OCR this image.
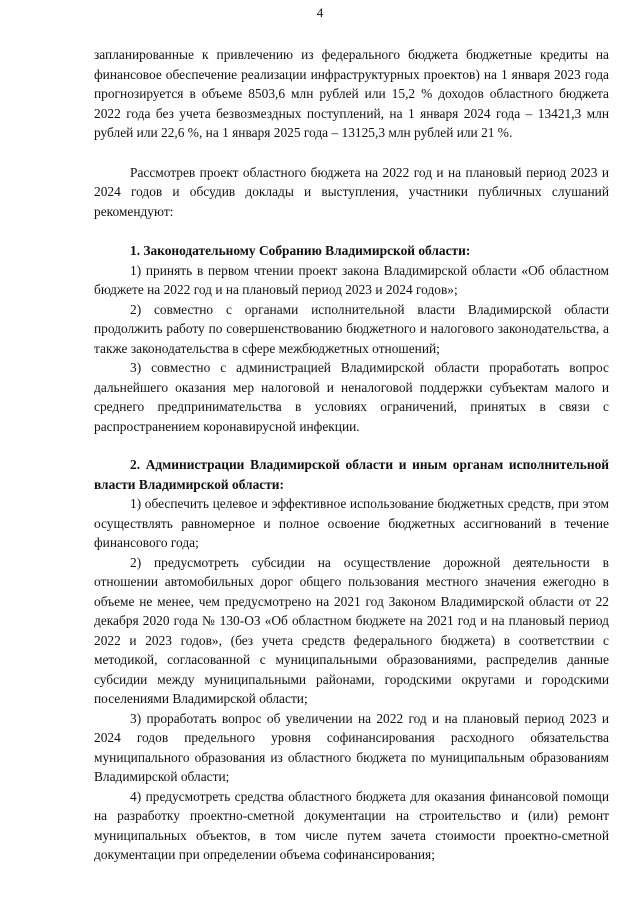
4

запланированные к привлечению из федерального бюджета бюджетные кредиты на финансовое обеспечение реализации инфраструктурных проектов) на 1 января 2023 года прогнозируется в объеме 8503,6 млн рублей или 15,2 % доходов областного бюджета 2022 года без учета безвозмездных поступлений, на 1 января 2024 года – 13421,3 млн рублей или 22,6 %, на 1 января 2025 года – 13125,3 млн рублей или 21 %.

Рассмотрев проект областного бюджета на 2022 год и на плановый период 2023 и 2024 годов и обсудив доклады и выступления, участники публичных слушаний рекомендуют:

1. Законодательному Собранию Владимирской области:

1) принять в первом чтении проект закона Владимирской области «Об областном бюджете на 2022 год и на плановый период 2023 и 2024 годов»;

2) совместно с органами исполнительной власти Владимирской области продолжить работу по совершенствованию бюджетного и налогового законодательства, а также законодательства в сфере межбюджетных отношений;

3) совместно с администрацией Владимирской области проработать вопрос дальнейшего оказания мер налоговой и неналоговой поддержки субъектам малого и среднего предпринимательства в условиях ограничений, принятых в связи с распространением коронавирусной инфекции.

2. Администрации Владимирской области и иным органам исполнительной власти Владимирской области:

1) обеспечить целевое и эффективное использование бюджетных средств, при этом осуществлять равномерное и полное освоение бюджетных ассигнований в течение финансового года;

2) предусмотреть субсидии на осуществление дорожной деятельности в отношении автомобильных дорог общего пользования местного значения ежегодно в объеме не менее, чем предусмотрено на 2021 год Законом Владимирской области от 22 декабря 2020 года № 130-ОЗ «Об областном бюджете на 2021 год и на плановый период 2022 и 2023 годов», (без учета средств федерального бюджета) в соответствии с методикой, согласованной с муниципальными образованиями, распределив данные субсидии между муниципальными районами, городскими округами и городскими поселениями Владимирской области;

3) проработать вопрос об увеличении на 2022 год и на плановый период 2023 и 2024 годов предельного уровня софинансирования расходного обязательства муниципального образования из областного бюджета по муниципальным образованиям Владимирской области;

4) предусмотреть средства областного бюджета для оказания финансовой помощи на разработку проектно-сметной документации на строительство и (или) ремонт муниципальных объектов, в том числе путем зачета стоимости проектно-сметной документации при определении объема софинансирования;
